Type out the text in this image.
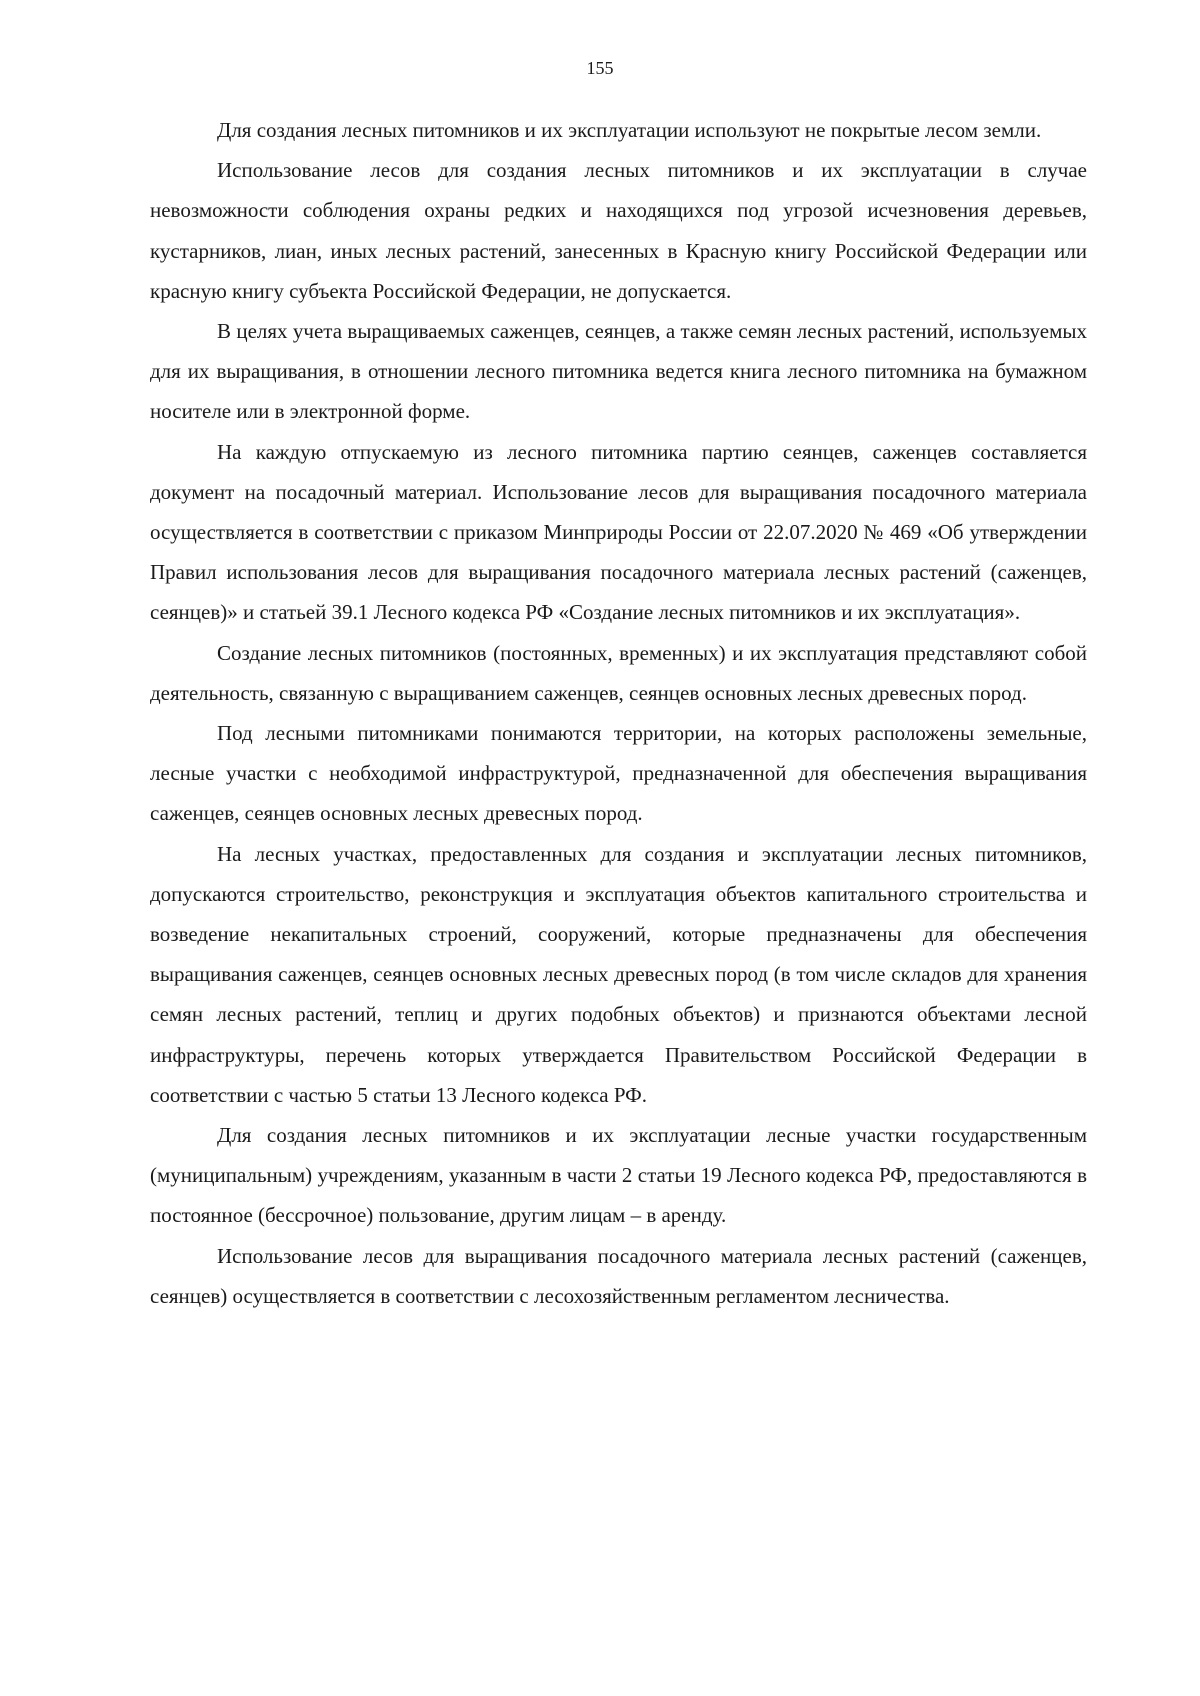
155

Для создания лесных питомников и их эксплуатации используют не покрытые лесом земли.

Использование лесов для создания лесных питомников и их эксплуатации в случае невозможности соблюдения охраны редких и находящихся под угрозой исчезновения деревьев, кустарников, лиан, иных лесных растений, занесенных в Красную книгу Российской Федерации или красную книгу субъекта Российской Федерации, не допускается.

В целях учета выращиваемых саженцев, сеянцев, а также семян лесных растений, используемых для их выращивания, в отношении лесного питомника ведется книга лесного питомника на бумажном носителе или в электронной форме.

На каждую отпускаемую из лесного питомника партию сеянцев, саженцев составляется документ на посадочный материал. Использование лесов для выращивания посадочного материала осуществляется в соответствии с приказом Минприроды России от 22.07.2020 № 469 «Об утверждении Правил использования лесов для выращивания посадочного материала лесных растений (саженцев, сеянцев)» и статьей 39.1 Лесного кодекса РФ «Создание лесных питомников и их эксплуатация».

Создание лесных питомников (постоянных, временных) и их эксплуатация представляют собой деятельность, связанную с выращиванием саженцев, сеянцев основных лесных древесных пород.

Под лесными питомниками понимаются территории, на которых расположены земельные, лесные участки с необходимой инфраструктурой, предназначенной для обеспечения выращивания саженцев, сеянцев основных лесных древесных пород.

На лесных участках, предоставленных для создания и эксплуатации лесных питомников, допускаются строительство, реконструкция и эксплуатация объектов капитального строительства и возведение некапитальных строений, сооружений, которые предназначены для обеспечения выращивания саженцев, сеянцев основных лесных древесных пород (в том числе складов для хранения семян лесных растений, теплиц и других подобных объектов) и признаются объектами лесной инфраструктуры, перечень которых утверждается Правительством Российской Федерации в соответствии с частью 5 статьи 13 Лесного кодекса РФ.

Для создания лесных питомников и их эксплуатации лесные участки государственным (муниципальным) учреждениям, указанным в части 2 статьи 19 Лесного кодекса РФ, предоставляются в постоянное (бессрочное) пользование, другим лицам – в аренду.

Использование лесов для выращивания посадочного материала лесных растений (саженцев, сеянцев) осуществляется в соответствии с лесохозяйственным регламентом лесничества.
